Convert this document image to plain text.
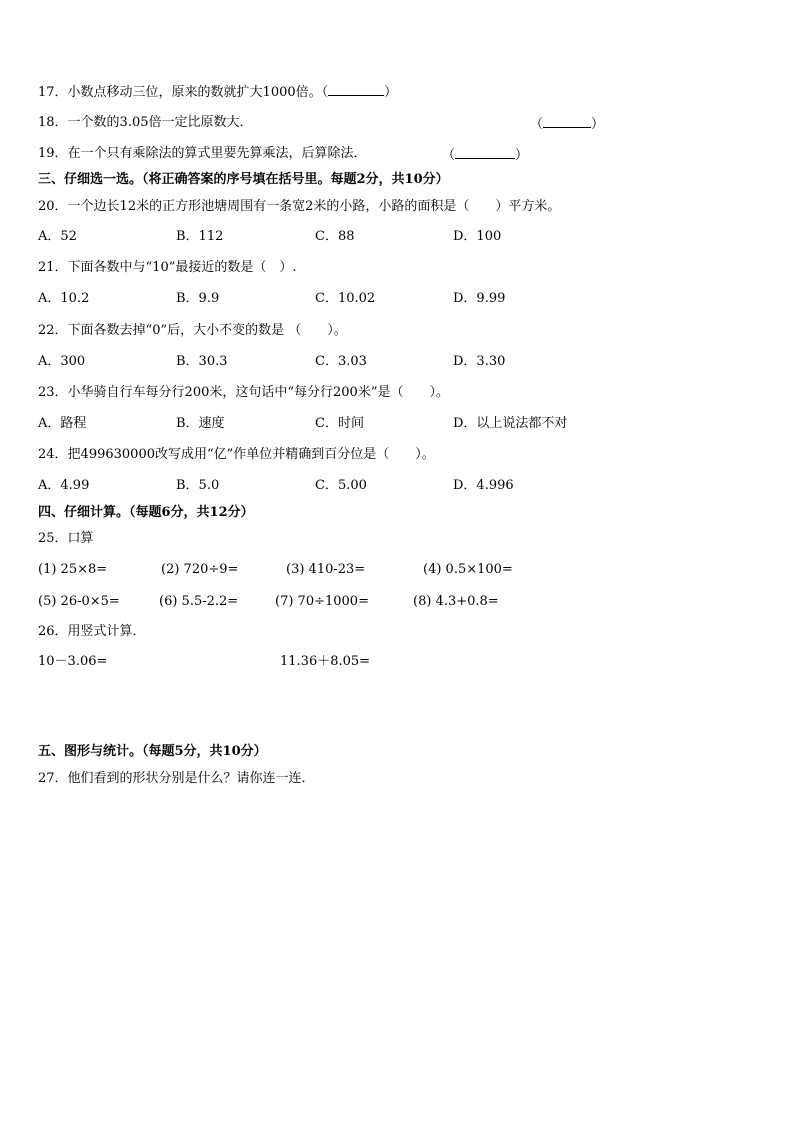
17．小数点移动三位，原来的数就扩大1000倍。（	）
18．一个数的3.05倍一定比原数大．	（	）
19．在一个只有乘除法的算式里要先算乘法，后算除法．	（	）
三、仔细选一选。（将正确答案的序号填在括号里。每题2分，共10分）
20．一个边长12米的正方形池塘周围有一条宽2米的小路，小路的面积是（　　）平方米。
A．52	B．112	C．88	D．100
21．下面各数中与“10”最接近的数是（　）.
A．10.2	B．9.9	C．10.02	D．9.99
22．下面各数去掉“0”后，大小不变的数是 （　　）。
A．300	B．30.3	C．3.03	D．3.30
23．小华骑自行车每分行200米，这句话中“每分行200米”是（　　）。
A．路程	B．速度	C．时间	D．以上说法都不对
24．把499630000改写成用“亿”作单位并精确到百分位是（　　）。
A．4.99	B．5.0	C．5.00	D．4.996
四、仔细计算。（每题6分，共12分）
25．口算
(1) 25×8=	(2) 720÷9=	(3) 410-23=	(4) 0.5×100=
(5) 26-0×5=	(6) 5.5-2.2=	(7) 70÷1000=	(8) 4.3+0.8=
26．用竖式计算．
10－3.06=	11.36＋8.05=
五、图形与统计。（每题5分，共10分）
27．他们看到的形状分别是什么？请你连一连．
